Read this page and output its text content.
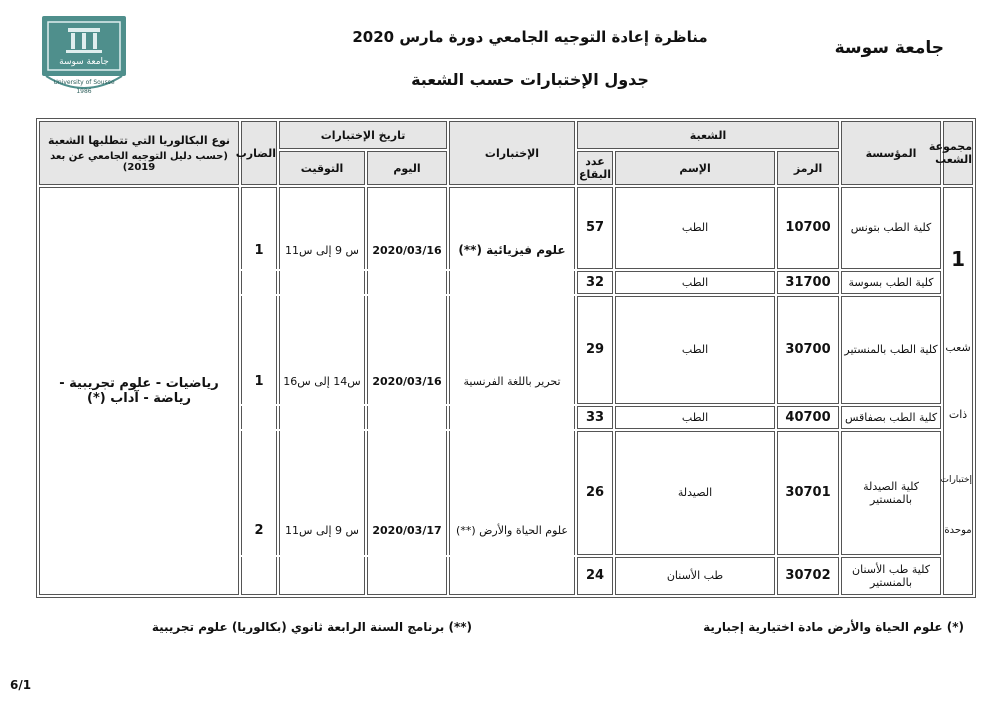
جامعة سوسة
University of Sousse
1986
جامعة سوسة
مناظرة إعادة التوجيه الجامعي دورة مارس 2020
جدول الإختبارات حسب الشعبة
مجموعة الشعب	المؤسسة	الشعبة			الإختبارات	تاريخ الإختبارات		الضارب	نوع البكالوريا التي تتطلبها الشعبة
(حسب دليل التوجيه الجامعي عن بعد 2019)

		الرمز	الإسم	عدد البقاع		اليوم	التوقيت		

1
شعب
ذات
إختبارات
موحدة	كلية الطب بتونس	10700	الطب	57	علوم فيزيائية (**)	2020/03/16	س 9 إلى س11	1	رياضيات - علوم تجريبية - رياضة - آداب (*)
	كلية الطب بسوسة	31700	الطب	32					
	كلية الطب بالمنستير	30700	الطب	29	تحرير باللغة الفرنسية	2020/03/16	س14 إلى س16	1	

	كلية الطب بصفاقس	40700	الطب	33					
	كلية الصيدلة بالمنستير	30701	الصيدلة	26	علوم الحياة والأرض (**)	2020/03/17	س 9 إلى س11	2	

	كلية طب الأسنان بالمنستير	30702	طب الأسنان	24					
(*) علوم الحياة والأرض مادة اختيارية إجبارية
(**) برنامج السنة الرابعة ثانوي (بكالوريا) علوم تجريبية
6/1
